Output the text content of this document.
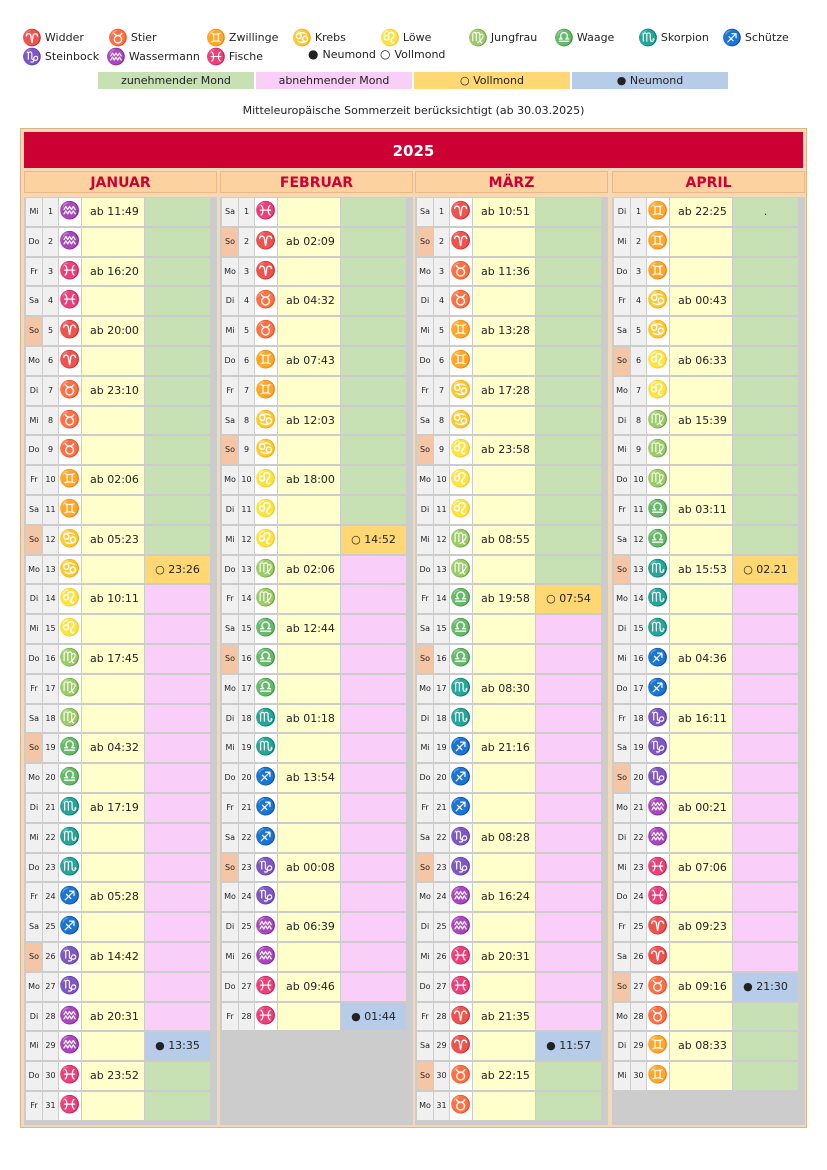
♈ Widder ♉ Stier	♊ Zwillinge ♋ Krebs ♌ Löwe ♍ Jungfrau ♎ Waage ♏ Skorpion ♐ Schütze
♑ Steinbock ♒ Wassermann ♓ Fische	● Neumond ○ Vollmond
zunehmender Mond	abnehmender Mond	○ Vollmond	● Neumond
Mitteleuropäische Sommerzeit berücksichtigt (ab 30.03.2025)
2025
JANUAR
Mi	1 ♒ ab 11:49
Do	2 ♒
Fr	3 ♓ ab 16:20
Sa	4 ♓
So	5 ♈ ab 20:00
Mo	6 ♈
Di	7 ♉ ab 23:10
Mi	8 ♉
Do	9 ♉
Fr 10 ♊ ab 02:06
Sa 11 ♊
So 12 ♋ ab 05:23
Mo 13 ♋	○ 23:26
Di 14 ♌ ab 10:11
Mi 15 ♌
Do 16 ♍ ab 17:45
Fr 17 ♍
Sa 18 ♍
So 19 ♎ ab 04:32
Mo 20 ♎
Di 21 ♏ ab 17:19
Mi 22 ♏
Do 23 ♏
Fr 24 ♐ ab 05:28
Sa 25 ♐
So 26 ♑ ab 14:42
Mo 27 ♑
Di 28 ♒ ab 20:31
Mi 29 ♒	● 13:35
Do 30 ♓ ab 23:52
Fr 31 ♓
FEBRUAR
Sa	1 ♓
So	2 ♈ ab 02:09
Mo	3 ♈
Di	4 ♉ ab 04:32
Mi	5 ♉
Do	6 ♊ ab 07:43
Fr	7 ♊
Sa	8 ♋ ab 12:03
So	9 ♋
Mo 10 ♌ ab 18:00
Di 11 ♌
Mi 12 ♌	○ 14:52
Do 13 ♍ ab 02:06
Fr 14 ♍
Sa 15 ♎ ab 12:44
So 16 ♎
Mo 17 ♎
Di 18 ♏ ab 01:18
Mi 19 ♏
Do 20 ♐ ab 13:54
Fr 21 ♐
Sa 22 ♐
So 23 ♑ ab 00:08
Mo 24 ♑
Di 25 ♒ ab 06:39
Mi 26 ♒
Do 27 ♓ ab 09:46
Fr 28 ♓	● 01:44
MÄRZ
Sa	1 ♈ ab 10:51
So	2 ♈
Mo	3 ♉ ab 11:36
Di	4 ♉
Mi	5 ♊ ab 13:28
Do	6 ♊
Fr	7 ♋ ab 17:28
Sa	8 ♋
So	9 ♌ ab 23:58
Mo 10 ♌
Di 11 ♌
Mi 12 ♍ ab 08:55
Do 13 ♍
Fr 14 ♎ ab 19:58	○ 07:54
Sa 15 ♎
So 16 ♎
Mo 17 ♏ ab 08:30
Di 18 ♏
Mi 19 ♐ ab 21:16
Do 20 ♐
Fr 21 ♐
Sa 22 ♑ ab 08:28
So 23 ♑
Mo 24 ♒ ab 16:24
Di 25 ♒
Mi 26 ♓ ab 20:31
Do 27 ♓
Fr 28 ♈ ab 21:35
Sa 29 ♈	● 11:57
So 30 ♉ ab 22:15
Mo 31 ♉
APRIL
Di	1 ♊ ab 22:25	.
Mi	2 ♊
Do	3 ♊
Fr	4 ♋ ab 00:43
Sa	5 ♋
So	6 ♌ ab 06:33
Mo	7 ♌
Di	8 ♍ ab 15:39
Mi	9 ♍
Do 10 ♍
Fr 11 ♎ ab 03:11
Sa 12 ♎
So 13 ♏ ab 15:53	○ 02.21
Mo 14 ♏
Di 15 ♏
Mi 16 ♐ ab 04:36
Do 17 ♐
Fr 18 ♑ ab 16:11
Sa 19 ♑
So 20 ♑
Mo 21 ♒ ab 00:21
Di 22 ♒
Mi 23 ♓ ab 07:06
Do 24 ♓
Fr 25 ♈ ab 09:23
Sa 26 ♈
So 27 ♉ ab 09:16	● 21:30
Mo 28 ♉
Di 29 ♊ ab 08:33
Mi 30 ♊
